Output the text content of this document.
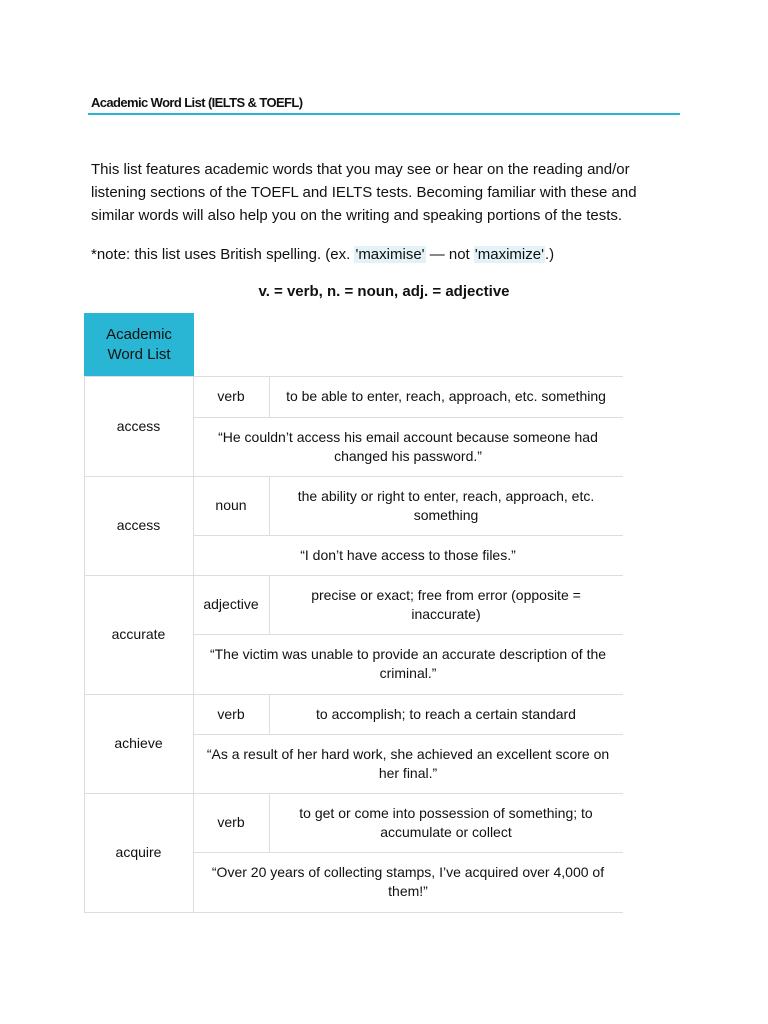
Academic Word List (IELTS & TOEFL)
This list features academic words that you may see or hear on the reading and/or listening sections of the TOEFL and IELTS tests. Becoming familiar with these and similar words will also help you on the writing and speaking portions of the tests.
*note: this list uses British spelling. (ex. 'maximise' — not 'maximize'.)
v. = verb, n. = noun, adj. = adjective
Academic Word List
access
verb	to be able to enter, reach, approach, etc. something
“He couldn’t access his email account because someone had changed his password.”
access
noun
the ability or right to enter, reach, approach, etc. something
“I don’t have access to those files.”
accurate
adjective
precise or exact; free from error (opposite = inaccurate)
“The victim was unable to provide an accurate description of the criminal.”
achieve
verb	to accomplish; to reach a certain standard
“As a result of her hard work, she achieved an excellent score on her final.”
acquire
verb
to get or come into possession of something; to accumulate or collect
“Over 20 years of collecting stamps, I’ve acquired over 4,000 of them!”
